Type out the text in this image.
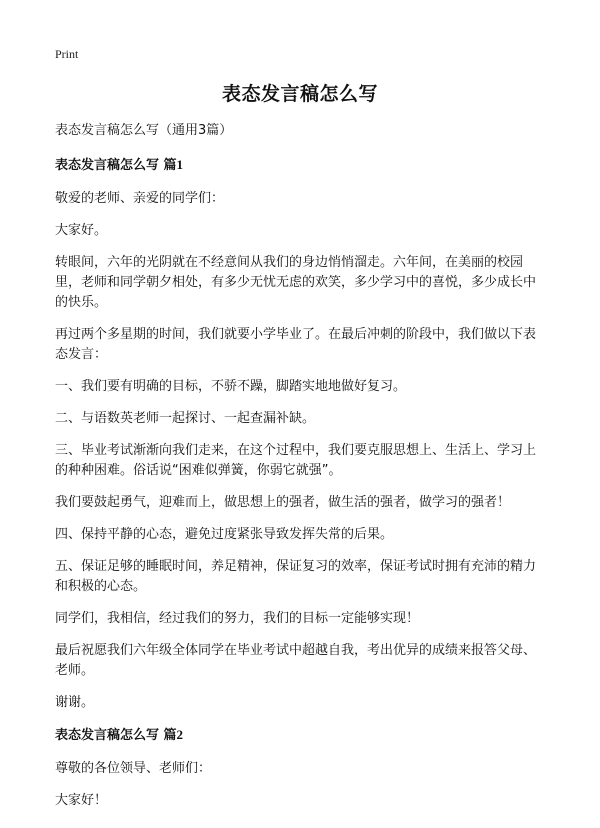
Print
表态发言稿怎么写

表态发言稿怎么写（通用3篇）

表态发言稿怎么写 篇1

敬爱的老师、亲爱的同学们：

大家好。

转眼间，六年的光阴就在不经意间从我们的身边悄悄溜走。六年间，在美丽的校园里，老师和同学朝夕相处，有多少无忧无虑的欢笑，多少学习中的喜悦，多少成长中的快乐。

再过两个多星期的时间，我们就要小学毕业了。在最后冲刺的阶段中，我们做以下表态发言：

一、我们要有明确的目标，不骄不躁，脚踏实地地做好复习。

二、与语数英老师一起探讨、一起查漏补缺。

三、毕业考试渐渐向我们走来，在这个过程中，我们要克服思想上、生活上、学习上的种种困难。俗话说“困难似弹簧，你弱它就强”。

我们要鼓起勇气，迎难而上，做思想上的强者，做生活的强者，做学习的强者！

四、保持平静的心态，避免过度紧张导致发挥失常的后果。

五、保证足够的睡眠时间，养足精神，保证复习的效率，保证考试时拥有充沛的精力和积极的心态。

同学们，我相信，经过我们的努力，我们的目标一定能够实现！

最后祝愿我们六年级全体同学在毕业考试中超越自我，考出优异的成绩来报答父母、老师。

谢谢。

表态发言稿怎么写 篇2

尊敬的各位领导、老师们：

大家好！
